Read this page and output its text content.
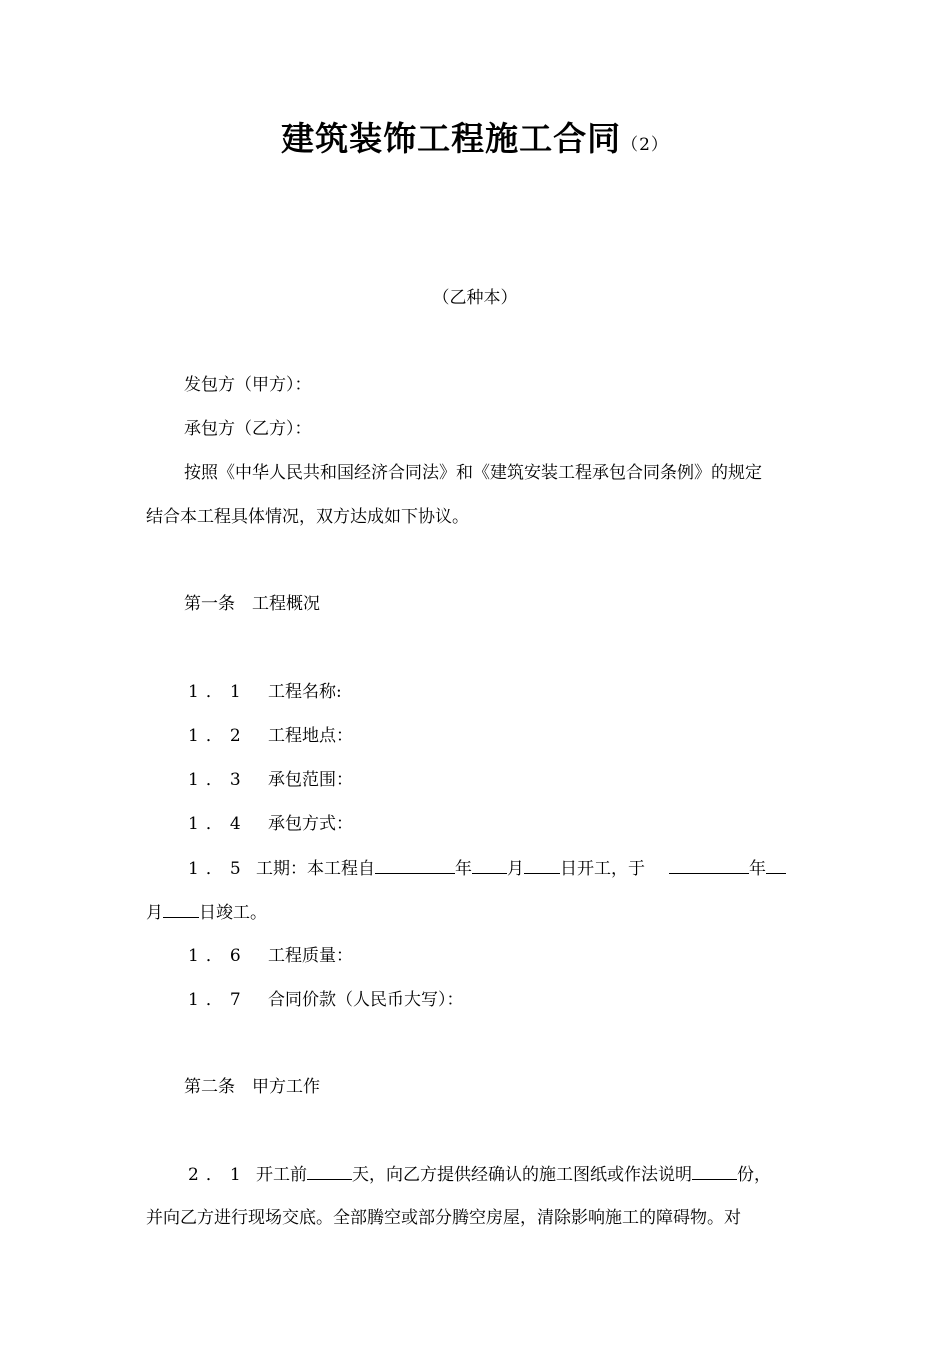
建筑装饰工程施工合同（2）
（乙种本）
发包方（甲方）：
承包方（乙方）：
按照《中华人民共和国经济合同法》和《建筑安装工程承包合同条例》的规定
结合本工程具体情况，双方达成如下协议。
第一条　工程概况
1．1 工程名称:
1．2 工程地点：
1．3 承包范围：
1．4 承包方式：
1．5 工期：本工程自	年 月 日开工，于	年
月 日竣工。
1．6 工程质量：
1．7 合同价款（人民币大写）：
第二条　甲方工作
2．1 开工前	天，向乙方提供经确认的施工图纸或作法说明	份，
并向乙方进行现场交底。全部腾空或部分腾空房屋，清除影响施工的障碍物。对
